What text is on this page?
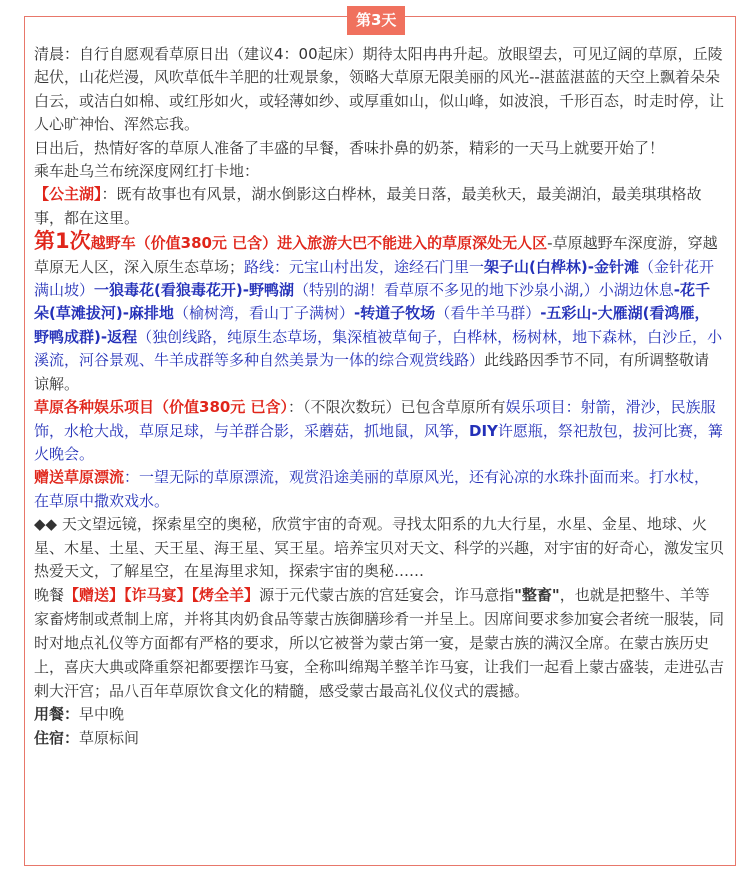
第3天

清晨：自行自愿观看草原日出（建议4：00起床）期待太阳冉冉升起。放眼望去，可见辽阔的草原，丘陵起伏，山花烂漫，风吹草低牛羊肥的壮观景象，领略大草原无限美丽的风光--湛蓝湛蓝的天空上飘着朵朵白云，或洁白如棉、或红彤如火，或轻薄如纱、或厚重如山，似山峰，如波浪，千形百态，时走时停，让人心旷神怡、浑然忘我。

日出后，热情好客的草原人准备了丰盛的早餐，香味扑鼻的奶茶，精彩的一天马上就要开始了！

乘车赴乌兰布统深度网红打卡地：

【公主湖】：既有故事也有风景，湖水倒影这白桦林，最美日落，最美秋天，最美湖泊，最美琪琪格故事，都在这里。

第1次越野车（价值380元 已含）进入旅游大巴不能进入的草原深处无人区-草原越野车深度游，穿越草原无人区，深入原生态草场；路线：元宝山村出发，途经石门里一架子山(白桦林)-金针滩（金针花开满山坡）一狼毒花(看狼毒花开)-野鸭湖（特别的湖！看草原不多见的地下沙泉小湖,）小湖边休息-花千朵(草滩拔河)-麻排地（榆树湾，看山丁子满树）-转道子牧场（看牛羊马群）-五彩山-大雁湖(看鸿雁，野鸭成群)-返程（独创线路，纯原生态草场，集深植被草甸子，白桦林，杨树林，地下森林，白沙丘，小溪流，河谷景观、牛羊成群等多种自然美景为一体的综合观赏线路）此线路因季节不同，有所调整敬请谅解。

草原各种娱乐项目（价值380元 已含）：（不限次数玩）已包含草原所有娱乐项目：射箭，滑沙，民族服饰，水枪大战，草原足球，与羊群合影，采蘑菇，抓地鼠，风筝，DIY许愿瓶，祭祀敖包，拔河比赛，篝火晚会。

赠送草原漂流：一望无际的草原漂流，观赏沿途美丽的草原风光，还有沁凉的水珠扑面而来。打水杖，在草原中撒欢戏水。

◆◆ 天文望远镜，探索星空的奥秘，欣赏宇宙的奇观。寻找太阳系的九大行星，水星、金星、地球、火星、木星、土星、天王星、海王星、冥王星。培养宝贝对天文、科学的兴趣，对宇宙的好奇心，激发宝贝热爱天文，了解星空，在星海里求知，探索宇宙的奥秘……

晚餐【赠送】【诈马宴】【烤全羊】源于元代蒙古族的宫廷宴会，诈马意指"整畜"，也就是把整牛、羊等家畜烤制或煮制上席，并将其肉奶食品等蒙古族御膳珍肴一并呈上。因席间要求参加宴会者统一服装，同时对地点礼仪等方面都有严格的要求，所以它被誉为蒙古第一宴，是蒙古族的满汉全席。在蒙古族历史上，喜庆大典或降重祭祀都要摆诈马宴，全称叫绵羯羊整羊诈马宴，让我们一起看上蒙古盛装，走进弘吉剌大汗宫；品八百年草原饮食文化的精髓，感受蒙古最高礼仪仪式的震撼。

用餐：早中晚

住宿：草原标间
